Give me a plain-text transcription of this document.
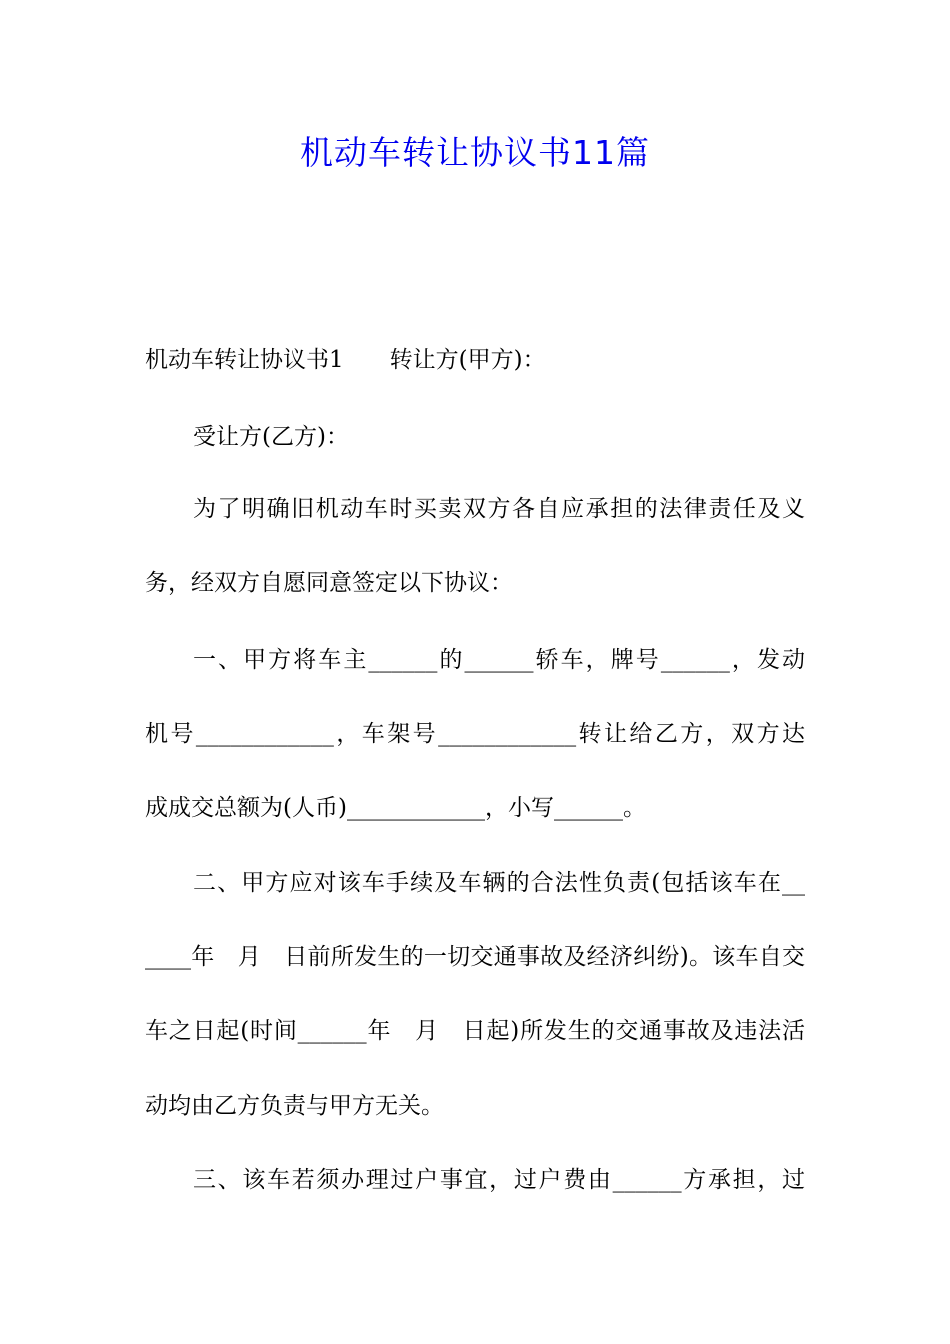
机动车转让协议书11篇

机动车转让协议书1　　转让方(甲方)：

受让方(乙方)：

为了明确旧机动车时买卖双方各自应承担的法律责任及义

务，经双方自愿同意签定以下协议：

一、甲方将车主______的______轿车，牌号______，发动

机号____________，车架号____________转让给乙方，双方达

成成交总额为(人币)____________，小写______。

二、甲方应对该车手续及车辆的合法性负责(包括该车在__

____年　月　日前所发生的一切交通事故及经济纠纷)。该车自交

车之日起(时间______年　月　日起)所发生的交通事故及违法活

动均由乙方负责与甲方无关。

三、该车若须办理过户事宜，过户费由______方承担，过
